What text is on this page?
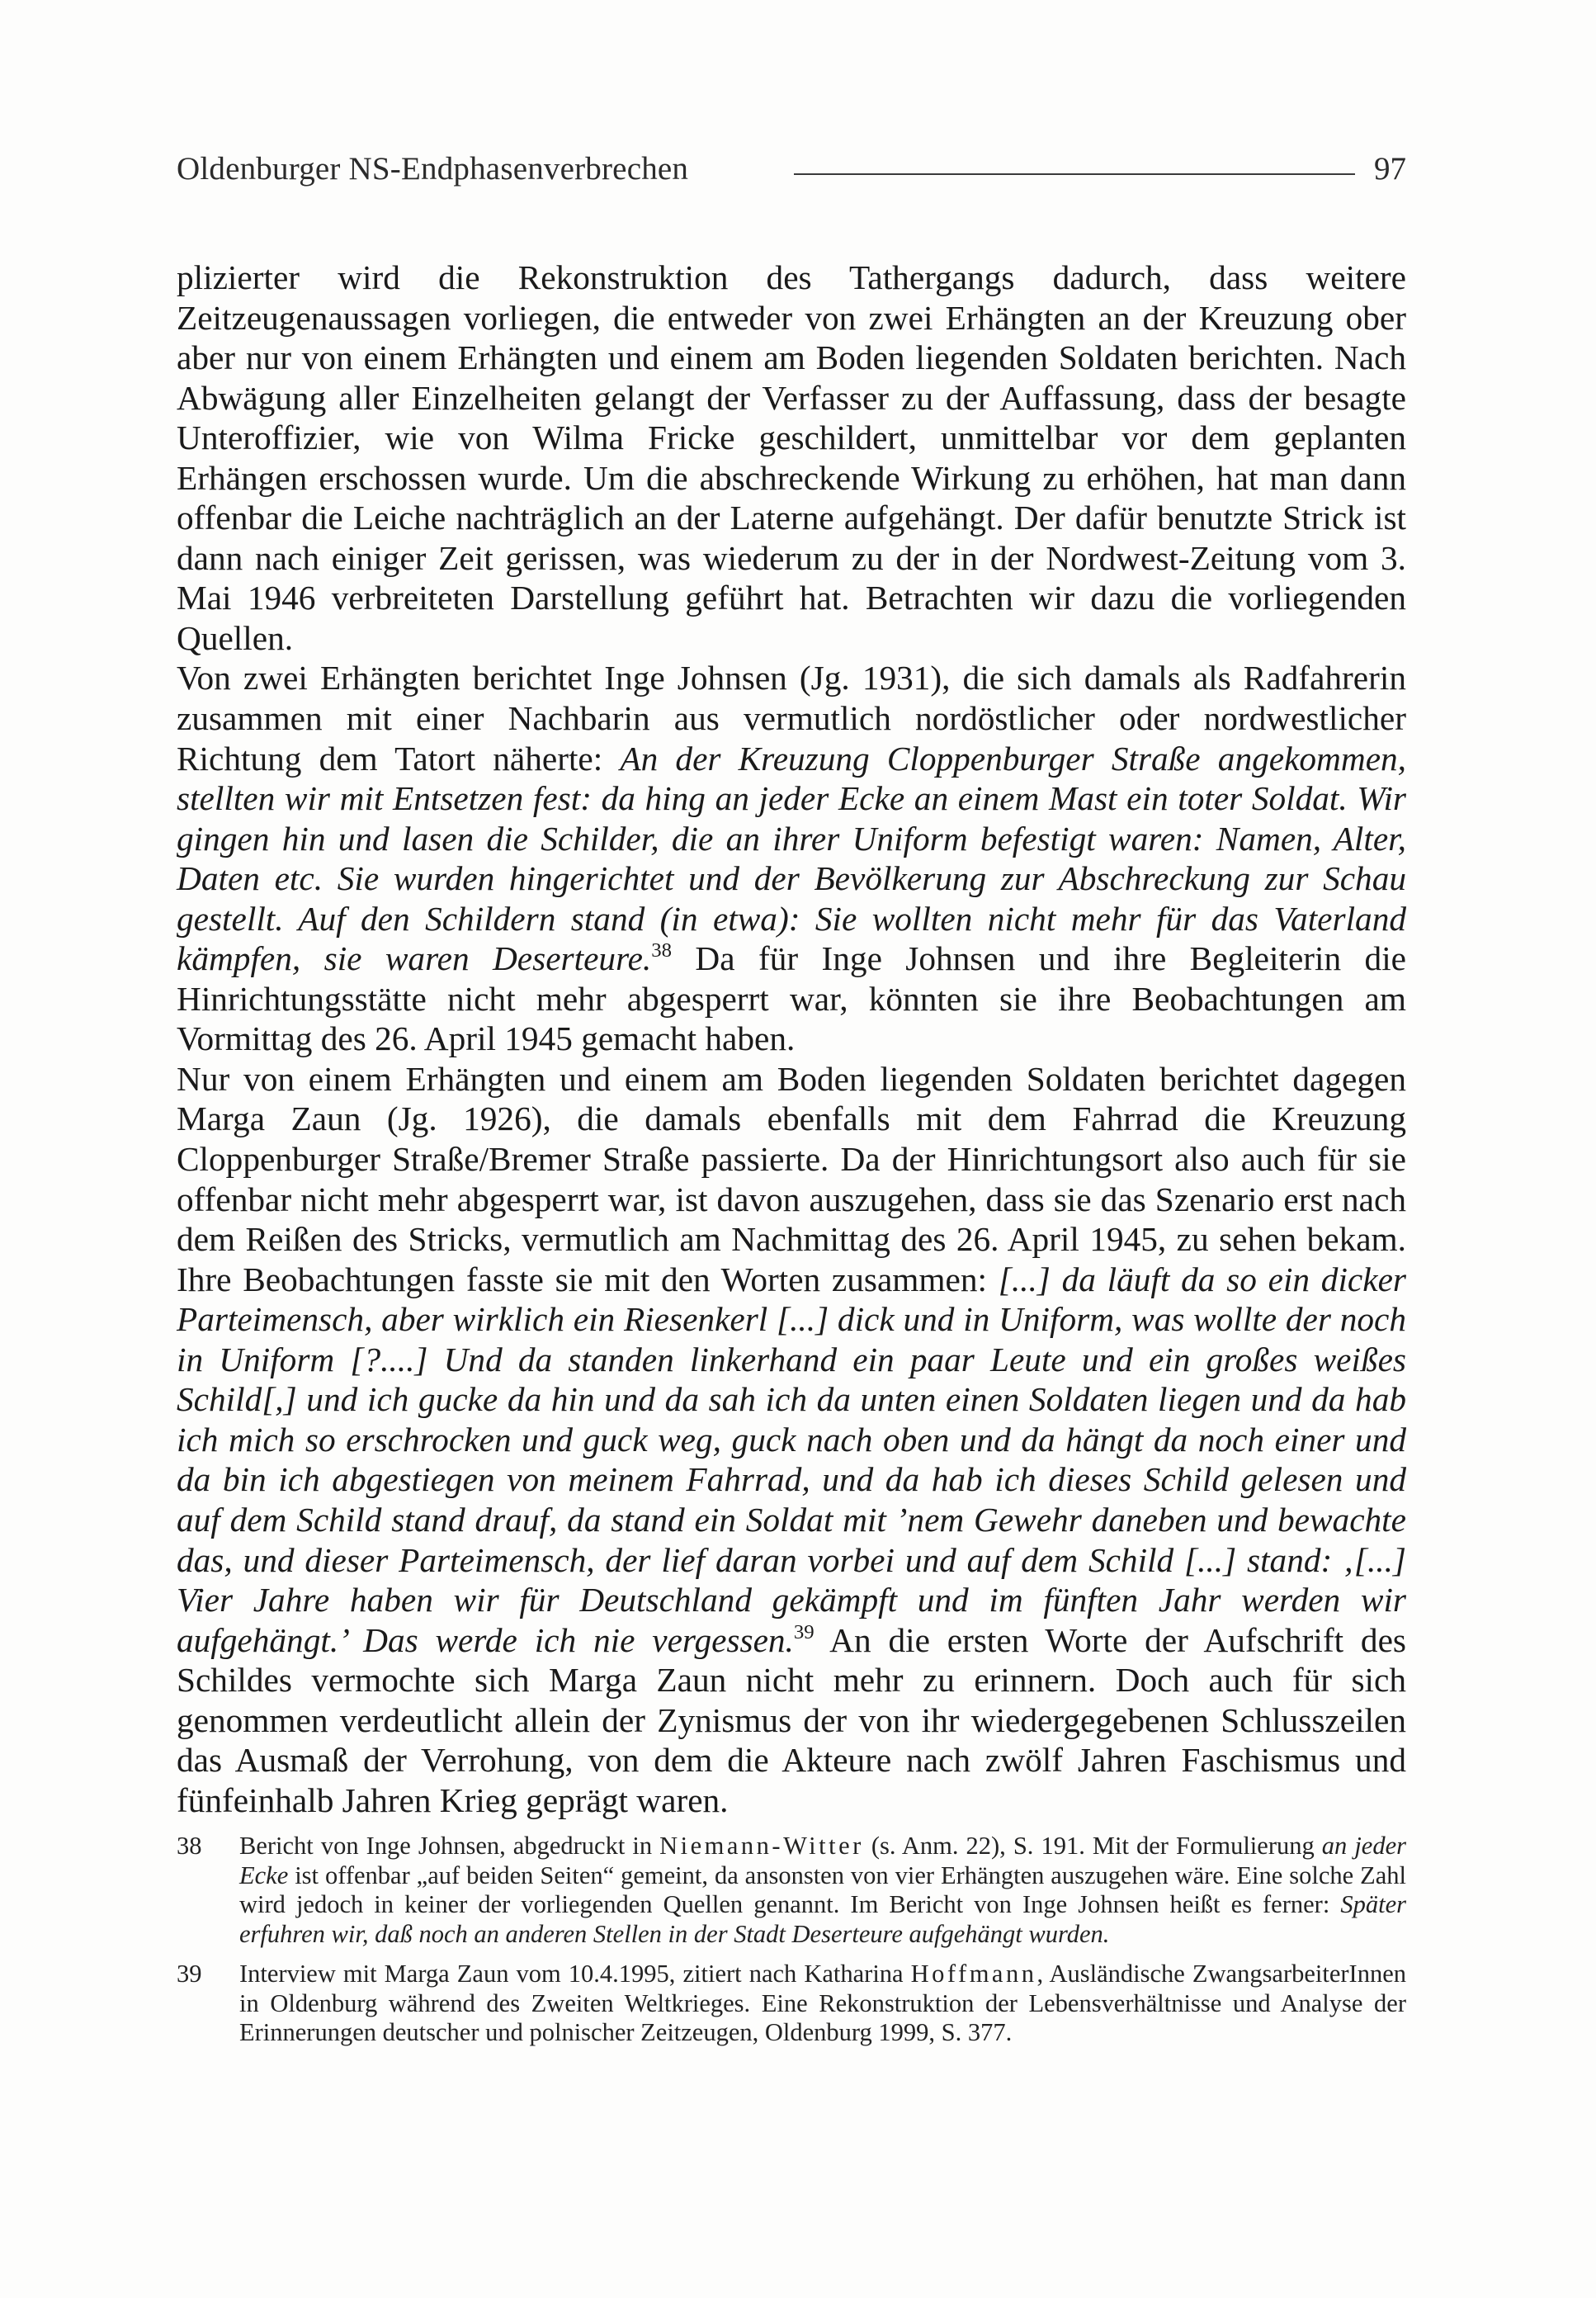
Oldenburger NS-Endphasenverbrechen	97

plizierter wird die Rekonstruktion des Tathergangs dadurch, dass weitere Zeitzeugenaussagen vorliegen, die entweder von zwei Erhängten an der Kreuzung ober aber nur von einem Erhängten und einem am Boden liegenden Soldaten berichten. Nach Abwägung aller Einzelheiten gelangt der Verfasser zu der Auffassung, dass der besagte Unteroffizier, wie von Wilma Fricke geschildert, unmittelbar vor dem geplanten Erhängen erschossen wurde. Um die abschreckende Wirkung zu erhöhen, hat man dann offenbar die Leiche nachträglich an der Laterne aufgehängt. Der dafür benutzte Strick ist dann nach einiger Zeit gerissen, was wiederum zu der in der Nordwest-Zeitung vom 3. Mai 1946 verbreiteten Darstellung geführt hat. Betrachten wir dazu die vorliegenden Quellen.

Von zwei Erhängten berichtet Inge Johnsen (Jg. 1931), die sich damals als Radfahrerin zusammen mit einer Nachbarin aus vermutlich nordöstlicher oder nordwestlicher Richtung dem Tatort näherte: An der Kreuzung Cloppenburger Straße angekommen, stellten wir mit Entsetzen fest: da hing an jeder Ecke an einem Mast ein toter Soldat. Wir gingen hin und lasen die Schilder, die an ihrer Uniform befestigt waren: Namen, Alter, Daten etc. Sie wurden hingerichtet und der Bevölkerung zur Abschreckung zur Schau gestellt. Auf den Schildern stand (in etwa): Sie wollten nicht mehr für das Vaterland kämpfen, sie waren Deserteure.$^{38}$ Da für Inge Johnsen und ihre Begleiterin die Hinrichtungsstätte nicht mehr abgesperrt war, könnten sie ihre Beobachtungen am Vormittag des 26. April 1945 gemacht haben.

Nur von einem Erhängten und einem am Boden liegenden Soldaten berichtet dagegen Marga Zaun (Jg. 1926), die damals ebenfalls mit dem Fahrrad die Kreuzung Cloppenburger Straße/Bremer Straße passierte. Da der Hinrichtungsort also auch für sie offenbar nicht mehr abgesperrt war, ist davon auszugehen, dass sie das Szenario erst nach dem Reißen des Stricks, vermutlich am Nachmittag des 26. April 1945, zu sehen bekam. Ihre Beobachtungen fasste sie mit den Worten zusammen: [...] da läuft da so ein dicker Parteimensch, aber wirklich ein Riesenkerl [...] dick und in Uniform, was wollte der noch in Uniform [?....] Und da standen linkerhand ein paar Leute und ein großes weißes Schild[,] und ich gucke da hin und da sah ich da unten einen Soldaten liegen und da hab ich mich so erschrocken und guck weg, guck nach oben und da hängt da noch einer und da bin ich abgestiegen von meinem Fahrrad, und da hab ich dieses Schild gelesen und auf dem Schild stand drauf, da stand ein Soldat mit ’nem Gewehr daneben und bewachte das, und dieser Parteimensch, der lief daran vorbei und auf dem Schild [...] stand: ‚[...] Vier Jahre haben wir für Deutschland gekämpft und im fünften Jahr werden wir aufgehängt.’ Das werde ich nie vergessen.$^{39}$ An die ersten Worte der Aufschrift des Schildes vermochte sich Marga Zaun nicht mehr zu erinnern. Doch auch für sich genommen verdeutlicht allein der Zynismus der von ihr wiedergegebenen Schlusszeilen das Ausmaß der Verrohung, von dem die Akteure nach zwölf Jahren Faschismus und fünfeinhalb Jahren Krieg geprägt waren.

38 Bericht von Inge Johnsen, abgedruckt in Niemann-Witter (s. Anm. 22), S. 191. Mit der Formulierung an jeder Ecke ist offenbar „auf beiden Seiten“ gemeint, da ansonsten von vier Erhängten auszugehen wäre. Eine solche Zahl wird jedoch in keiner der vorliegenden Quellen genannt. Im Bericht von Inge Johnsen heißt es ferner: Später erfuhren wir, daß noch an anderen Stellen in der Stadt Deserteure aufgehängt wurden.
39 Interview mit Marga Zaun vom 10.4.1995, zitiert nach Katharina Hoffmann, Ausländische ZwangsarbeiterInnen in Oldenburg während des Zweiten Weltkrieges. Eine Rekonstruktion der Lebensverhältnisse und Analyse der Erinnerungen deutscher und polnischer Zeitzeugen, Oldenburg 1999, S. 377.
